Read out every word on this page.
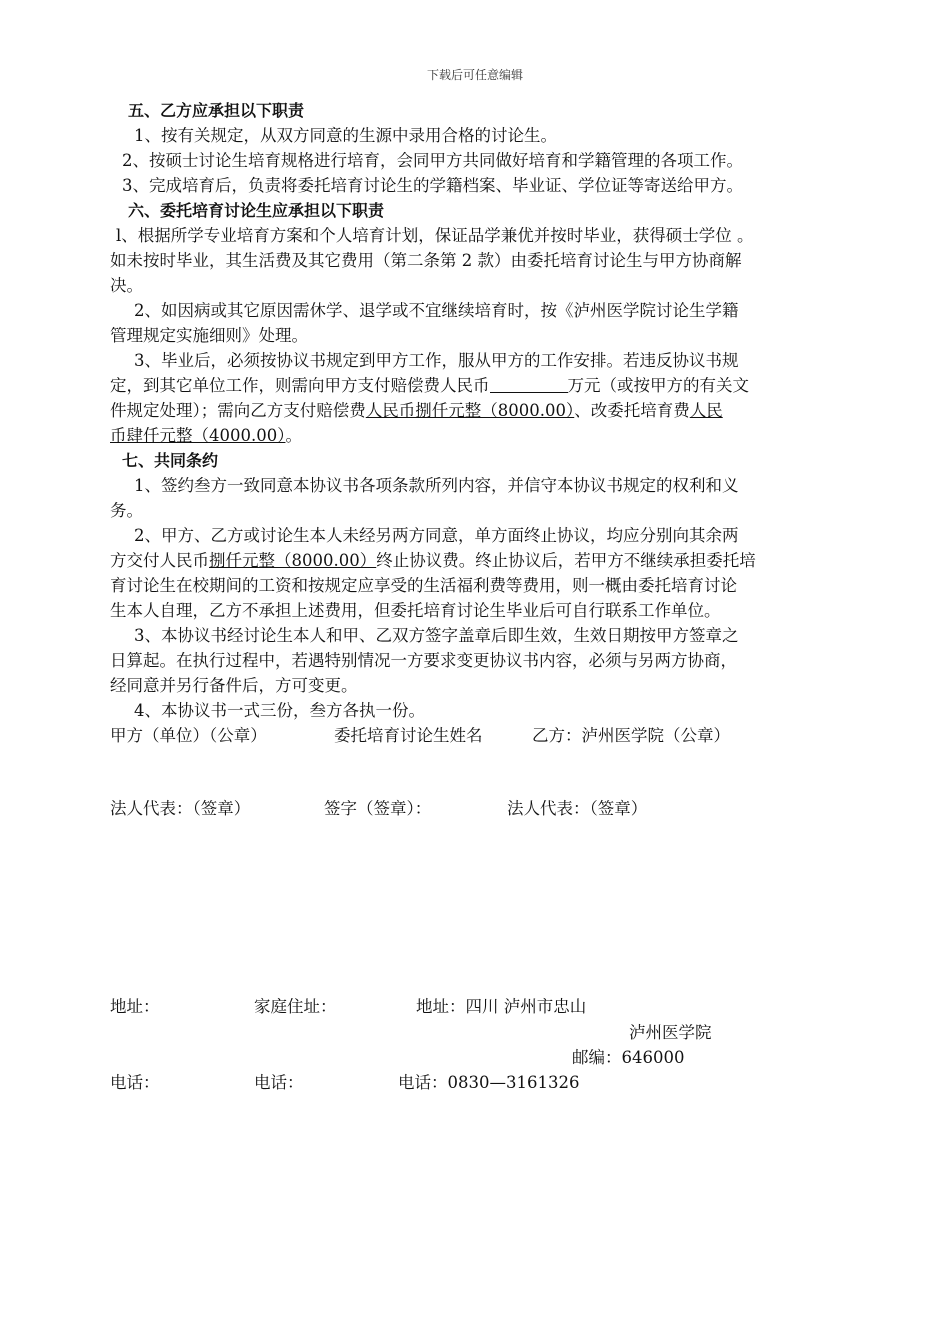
下载后可任意编辑
五、乙方应承担以下职责
1、按有关规定，从双方同意的生源中录用合格的讨论生。
2、按硕士讨论生培育规格进行培育，会同甲方共同做好培育和学籍管理的各项工作。
3、完成培育后，负责将委托培育讨论生的学籍档案、毕业证、学位证等寄送给甲方。
六、委托培育讨论生应承担以下职责
l、根据所学专业培育方案和个人培育计划，保证品学兼优并按时毕业，获得硕士学位 。
如未按时毕业，其生活费及其它费用（第二条第 2 款）由委托培育讨论生与甲方协商解
决。
2、如因病或其它原因需休学、退学或不宜继续培育时，按《泸州医学院讨论生学籍
管理规定实施细则》处理。
3、毕业后，必须按协议书规定到甲方工作，服从甲方的工作安排。若违反协议书规
定，到其它单位工作，则需向甲方支付赔偿费人民币	万元（或按甲方的有关文
件规定处理）；需向乙方支付赔偿费人民币捌仟元整（8000.00）、改委托培育费人民
币肆仟元整（4000.00）。
七、共同条约
1、签约叁方一致同意本协议书各项条款所列内容，并信守本协议书规定的权利和义
务。
2、甲方、乙方或讨论生本人未经另两方同意，单方面终止协议，均应分别向其余两
方交付人民币捌仟元整（8000.00）终止协议费。终止协议后，若甲方不继续承担委托培
育讨论生在校期间的工资和按规定应享受的生活福利费等费用，则一概由委托培育讨论
生本人自理，乙方不承担上述费用，但委托培育讨论生毕业后可自行联系工作单位。
3、本协议书经讨论生本人和甲、乙双方签字盖章后即生效，生效日期按甲方签章之
日算起。在执行过程中，若遇特别情况一方要求变更协议书内容，必须与另两方协商，
经同意并另行备件后，方可变更。
4、本协议书一式三份，叁方各执一份。
甲方（单位）（公章）	委托培育讨论生姓名	乙方：泸州医学院（公章）
法人代表：（签章）	签字（签章）：	法人代表：（签章）
地址：	家庭住址：	地址：四川 泸州市忠山
泸州医学院
邮编：646000
电话：	电话：	电话：0830—3161326
